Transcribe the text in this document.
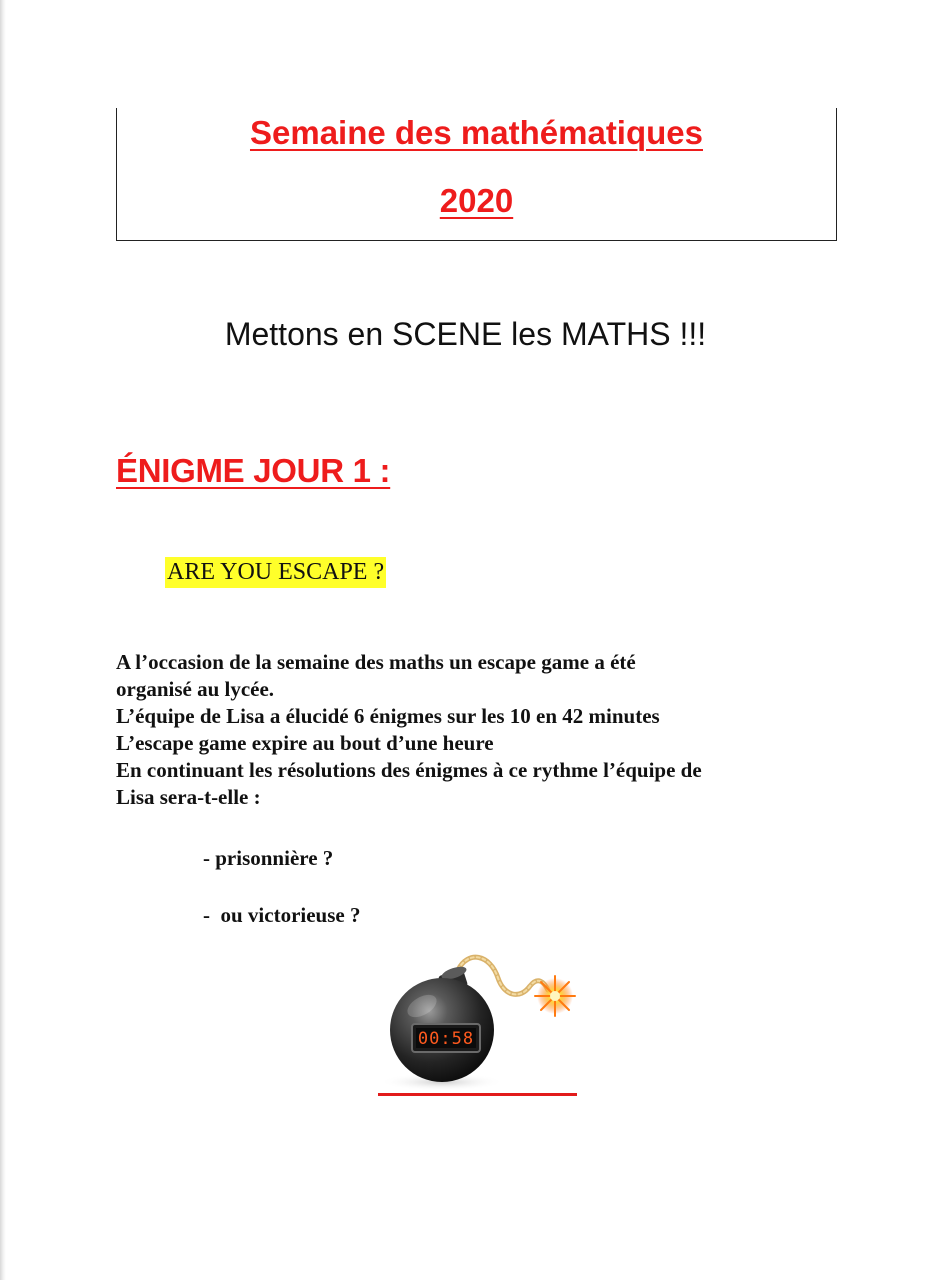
Semaine des mathématiques
2020
Mettons en SCENE les MATHS !!!
ÉNIGME JOUR 1 :
ARE YOU ESCAPE ?
A l’occasion de la semaine des maths un escape game a été
organisé au lycée.
L’équipe de Lisa a élucidé 6 énigmes sur les 10 en 42 minutes
L’escape game expire au bout d’une heure
En continuant les résolutions des énigmes à ce rythme l’équipe de
Lisa sera-t-elle :
- prisonnière ?
-  ou victorieuse ?
00:58
